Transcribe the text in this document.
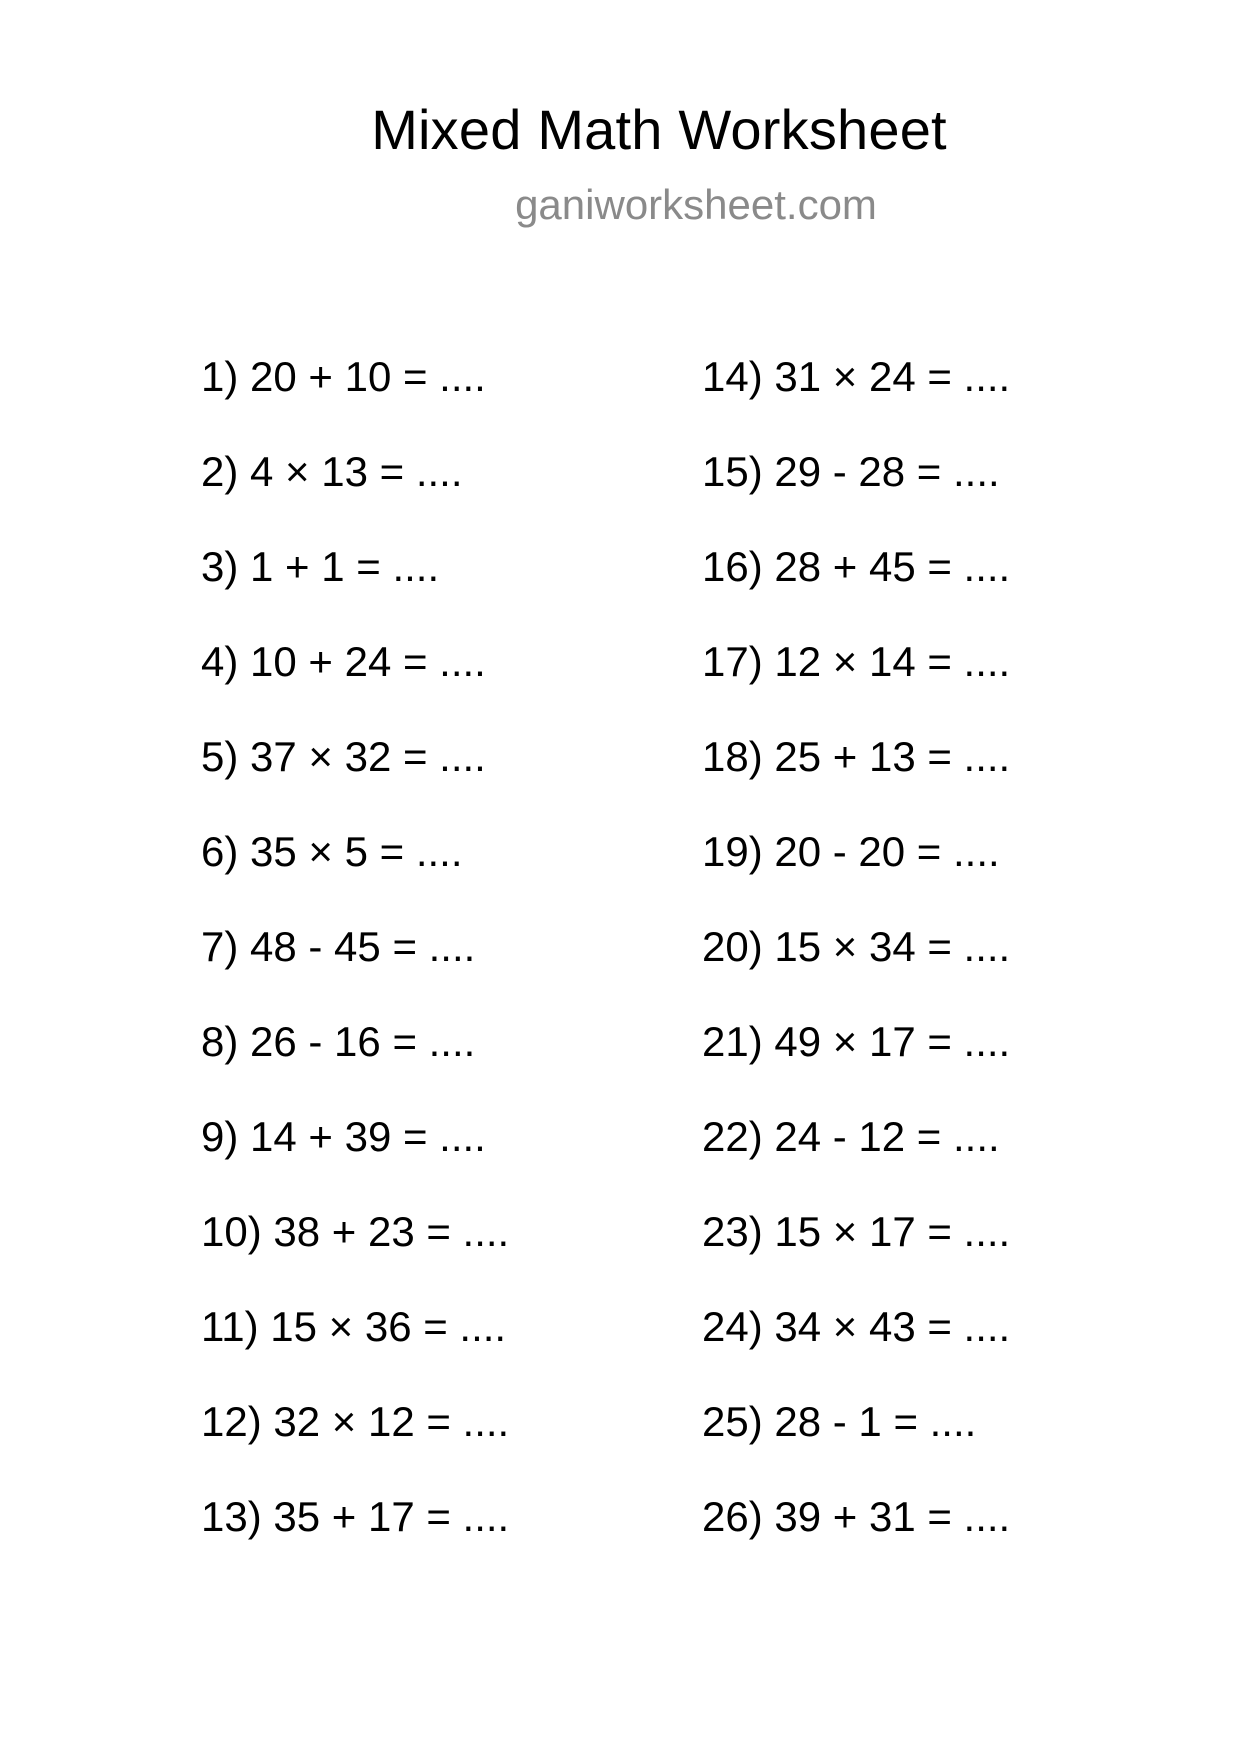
Mixed Math Worksheet
ganiworksheet.com
1) 20 + 10 = ....
2) 4 × 13 = ....
3) 1 + 1 = ....
4) 10 + 24 = ....
5) 37 × 32 = ....
6) 35 × 5 = ....
7) 48 - 45 = ....
8) 26 - 16 = ....
9) 14 + 39 = ....
10) 38 + 23 = ....
11) 15 × 36 = ....
12) 32 × 12 = ....
13) 35 + 17 = ....
14) 31 × 24 = ....
15) 29 - 28 = ....
16) 28 + 45 = ....
17) 12 × 14 = ....
18) 25 + 13 = ....
19) 20 - 20 = ....
20) 15 × 34 = ....
21) 49 × 17 = ....
22) 24 - 12 = ....
23) 15 × 17 = ....
24) 34 × 43 = ....
25) 28 - 1 = ....
26) 39 + 31 = ....
